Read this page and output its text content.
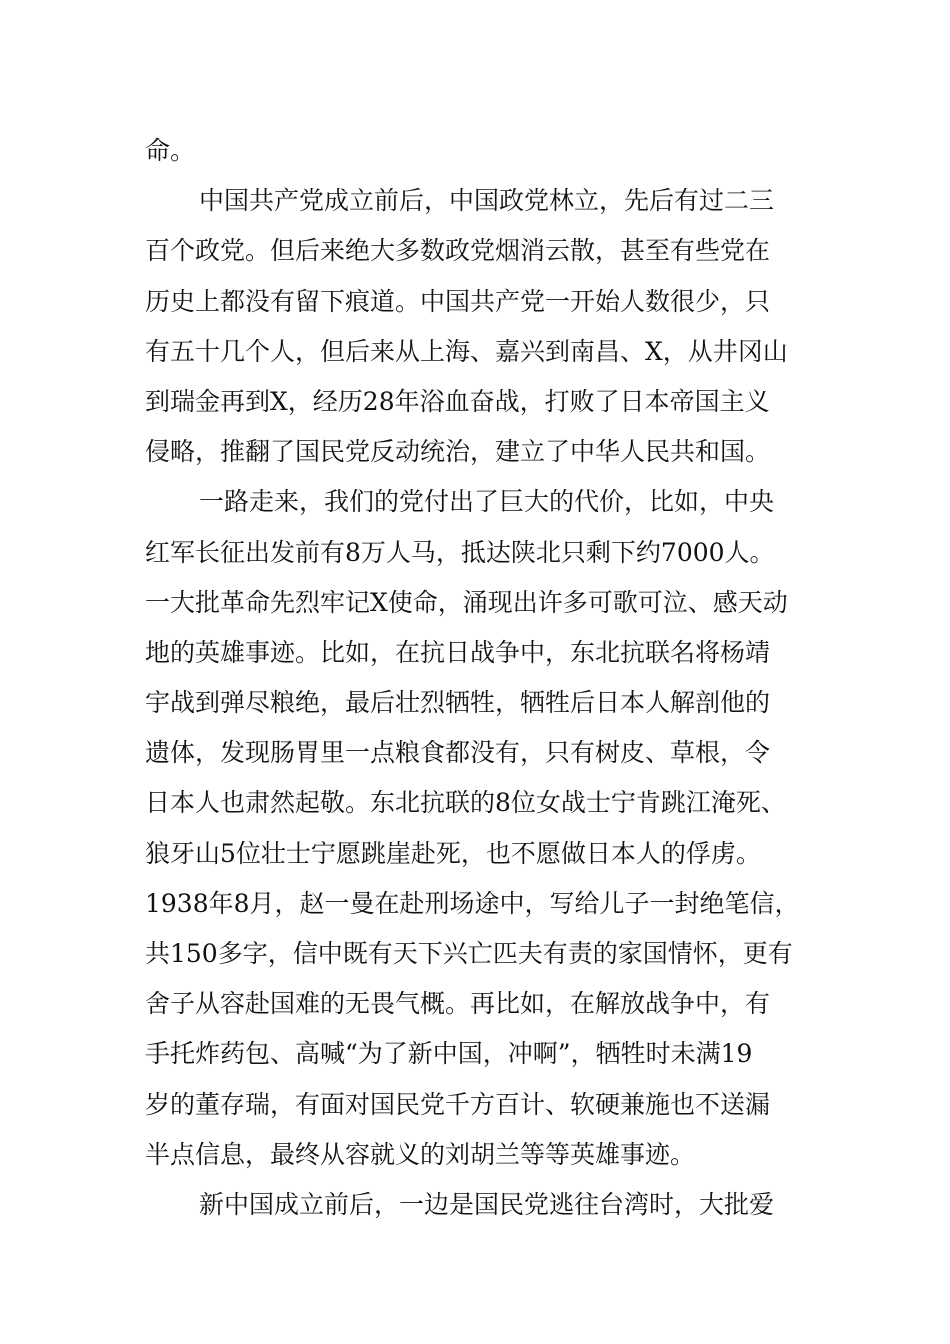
命。
中国共产党成立前后，中国政党林立，先后有过二三
百个政党。但后来绝大多数政党烟消云散，甚至有些党在
历史上都没有留下痕道。中国共产党一开始人数很少，只
有五十几个人，但后来从上海、嘉兴到南昌、X，从井冈山
到瑞金再到X，经历28年浴血奋战，打败了日本帝国主义
侵略，推翻了国民党反动统治，建立了中华人民共和国。
一路走来，我们的党付出了巨大的代价，比如，中央
红军长征出发前有8万人马，抵达陕北只剩下约7000人。
一大批革命先烈牢记X使命，涌现出许多可歌可泣、感天动
地的英雄事迹。比如，在抗日战争中，东北抗联名将杨靖
宇战到弹尽粮绝，最后壮烈牺牲，牺牲后日本人解剖他的
遗体，发现肠胃里一点粮食都没有，只有树皮、草根，令
日本人也肃然起敬。东北抗联的8位女战士宁肯跳江淹死、
狼牙山5位壮士宁愿跳崖赴死，也不愿做日本人的俘虏。
1938年8月，赵一曼在赴刑场途中，写给儿子一封绝笔信，
共150多字，信中既有天下兴亡匹夫有责的家国情怀，更有
舍子从容赴国难的无畏气概。再比如，在解放战争中，有
手托炸药包、高喊“为了新中国，冲啊”，牺牲时未满19
岁的董存瑞，有面对国民党千方百计、软硬兼施也不送漏
半点信息，最终从容就义的刘胡兰等等英雄事迹。
新中国成立前后，一边是国民党逃往台湾时，大批爱
